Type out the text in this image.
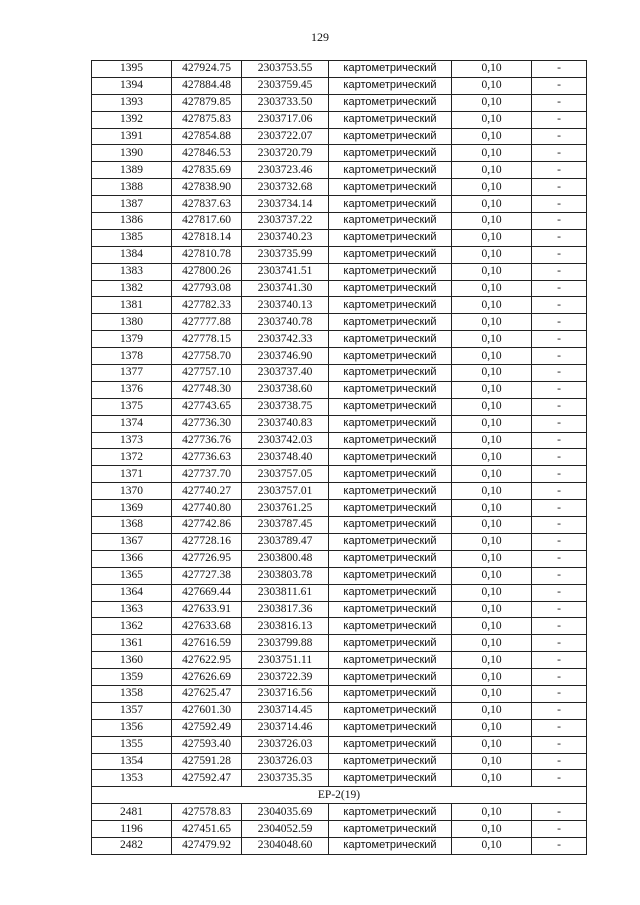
129
1395	427924.75	2303753.55	картометрический	0,10	-
1394	427884.48	2303759.45	картометрический	0,10	-
1393	427879.85	2303733.50	картометрический	0,10	-
1392	427875.83	2303717.06	картометрический	0,10	-
1391	427854.88	2303722.07	картометрический	0,10	-
1390	427846.53	2303720.79	картометрический	0,10	-
1389	427835.69	2303723.46	картометрический	0,10	-
1388	427838.90	2303732.68	картометрический	0,10	-
1387	427837.63	2303734.14	картометрический	0,10	-
1386	427817.60	2303737.22	картометрический	0,10	-
1385	427818.14	2303740.23	картометрический	0,10	-
1384	427810.78	2303735.99	картометрический	0,10	-
1383	427800.26	2303741.51	картометрический	0,10	-
1382	427793.08	2303741.30	картометрический	0,10	-
1381	427782.33	2303740.13	картометрический	0,10	-
1380	427777.88	2303740.78	картометрический	0,10	-
1379	427778.15	2303742.33	картометрический	0,10	-
1378	427758.70	2303746.90	картометрический	0,10	-
1377	427757.10	2303737.40	картометрический	0,10	-
1376	427748.30	2303738.60	картометрический	0,10	-
1375	427743.65	2303738.75	картометрический	0,10	-
1374	427736.30	2303740.83	картометрический	0,10	-
1373	427736.76	2303742.03	картометрический	0,10	-
1372	427736.63	2303748.40	картометрический	0,10	-
1371	427737.70	2303757.05	картометрический	0,10	-
1370	427740.27	2303757.01	картометрический	0,10	-
1369	427740.80	2303761.25	картометрический	0,10	-
1368	427742.86	2303787.45	картометрический	0,10	-
1367	427728.16	2303789.47	картометрический	0,10	-
1366	427726.95	2303800.48	картометрический	0,10	-
1365	427727.38	2303803.78	картометрический	0,10	-
1364	427669.44	2303811.61	картометрический	0,10	-
1363	427633.91	2303817.36	картометрический	0,10	-
1362	427633.68	2303816.13	картометрический	0,10	-
1361	427616.59	2303799.88	картометрический	0,10	-
1360	427622.95	2303751.11	картометрический	0,10	-
1359	427626.69	2303722.39	картометрический	0,10	-
1358	427625.47	2303716.56	картометрический	0,10	-
1357	427601.30	2303714.45	картометрический	0,10	-
1356	427592.49	2303714.46	картометрический	0,10	-
1355	427593.40	2303726.03	картометрический	0,10	-
1354	427591.28	2303726.03	картометрический	0,10	-
1353	427592.47	2303735.35	картометрический	0,10	-
ЕР-2(19)					
2481	427578.83	2304035.69	картометрический	0,10	-
1196	427451.65	2304052.59	картометрический	0,10	-
2482	427479.92	2304048.60	картометрический	0,10	-
